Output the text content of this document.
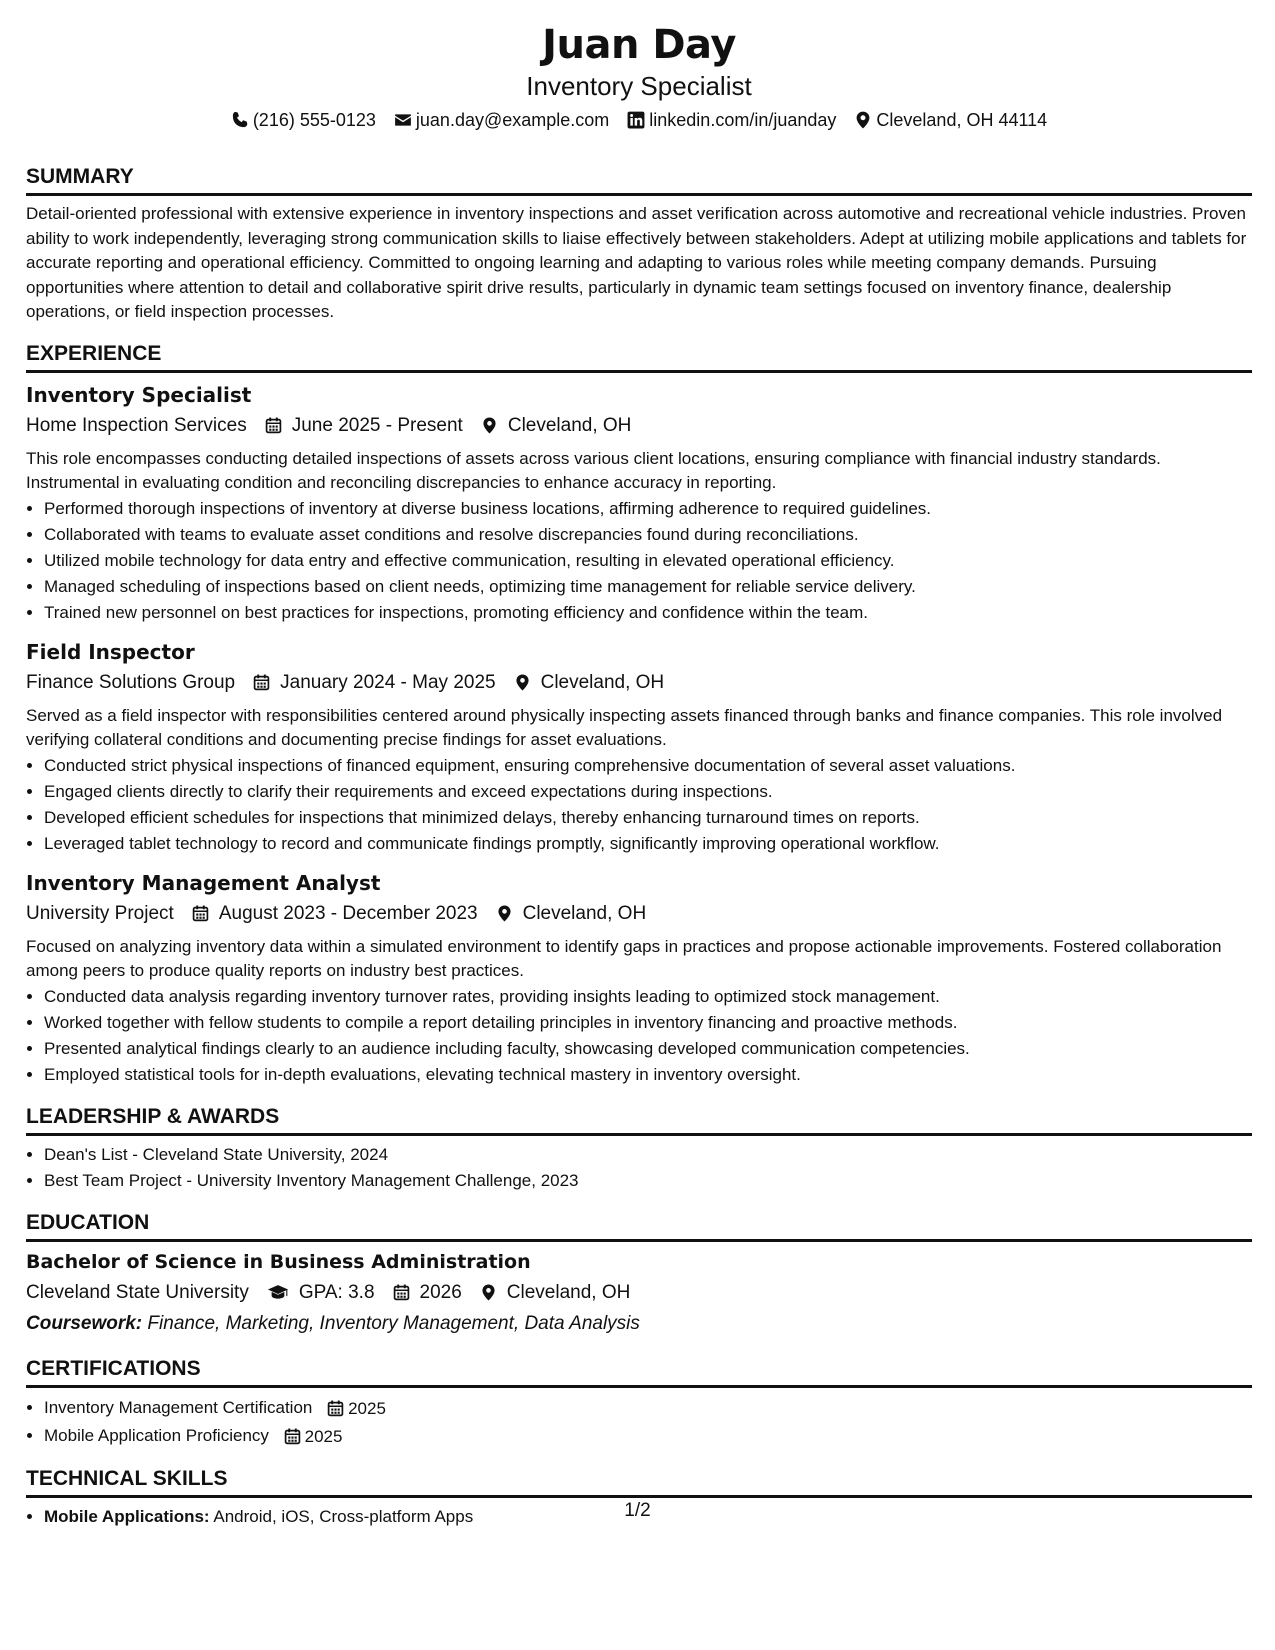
Juan Day
Inventory Specialist
(216) 555-0123 juan.day@example.com linkedin.com/in/juanday Cleveland, OH 44114
SUMMARY

Detail-oriented professional with extensive experience in inventory inspections and asset verification across automotive and recreational vehicle industries. Proven ability to work independently, leveraging strong communication skills to liaise effectively between stakeholders. Adept at utilizing mobile applications and tablets for accurate reporting and operational efficiency. Committed to ongoing learning and adapting to various roles while meeting company demands. Pursuing opportunities where attention to detail and collaborative spirit drive results, particularly in dynamic team settings focused on inventory finance, dealership operations, or field inspection processes.

EXPERIENCE
Inventory Specialist
Home Inspection Services June 2025 - Present Cleveland, OH

This role encompasses conducting detailed inspections of assets across various client locations, ensuring compliance with financial industry standards. Instrumental in evaluating condition and reconciling discrepancies to enhance accuracy in reporting.

• Performed thorough inspections of inventory at diverse business locations, affirming adherence to required guidelines.
• Collaborated with teams to evaluate asset conditions and resolve discrepancies found during reconciliations.
• Utilized mobile technology for data entry and effective communication, resulting in elevated operational efficiency.
• Managed scheduling of inspections based on client needs, optimizing time management for reliable service delivery.
• Trained new personnel on best practices for inspections, promoting efficiency and confidence within the team.
Field Inspector
Finance Solutions Group January 2024 - May 2025 Cleveland, OH

Served as a field inspector with responsibilities centered around physically inspecting assets financed through banks and finance companies. This role involved verifying collateral conditions and documenting precise findings for asset evaluations.

• Conducted strict physical inspections of financed equipment, ensuring comprehensive documentation of several asset valuations.
• Engaged clients directly to clarify their requirements and exceed expectations during inspections.
• Developed efficient schedules for inspections that minimized delays, thereby enhancing turnaround times on reports.
• Leveraged tablet technology to record and communicate findings promptly, significantly improving operational workflow.
Inventory Management Analyst
University Project August 2023 - December 2023 Cleveland, OH

Focused on analyzing inventory data within a simulated environment to identify gaps in practices and propose actionable improvements. Fostered collaboration among peers to produce quality reports on industry best practices.

• Conducted data analysis regarding inventory turnover rates, providing insights leading to optimized stock management.
• Worked together with fellow students to compile a report detailing principles in inventory financing and proactive methods.
• Presented analytical findings clearly to an audience including faculty, showcasing developed communication competencies.
• Employed statistical tools for in-depth evaluations, elevating technical mastery in inventory oversight.
LEADERSHIP & AWARDS
• Dean's List - Cleveland State University, 2024
• Best Team Project - University Inventory Management Challenge, 2023
EDUCATION
Bachelor of Science in Business Administration
Cleveland State University	GPA: 3.8 2026 Cleveland, OH
Coursework: Finance, Marketing, Inventory Management, Data Analysis
CERTIFICATIONS
• Inventory Management Certification 2025
• Mobile Application Proficiency 2025
TECHNICAL SKILLS
• Mobile Applications: Android, iOS, Cross-platform Apps	1/2
